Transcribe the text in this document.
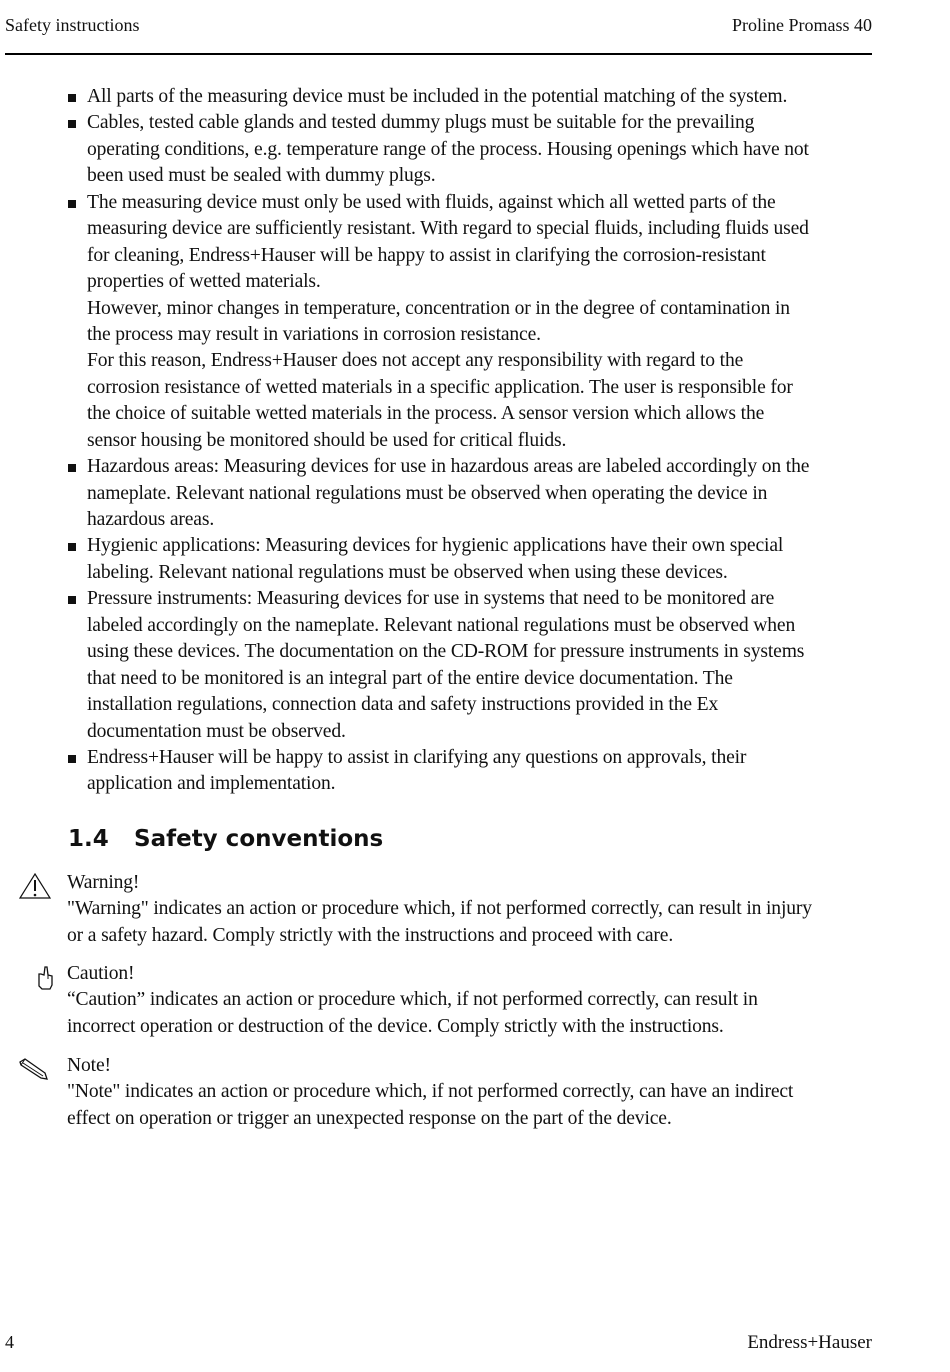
Safety instructions	Proline Promass 40
All parts of the measuring device must be included in the potential matching of the system.
Cables, tested cable glands and tested dummy plugs must be suitable for the prevailing
operating conditions, e.g. temperature range of the process. Housing openings which have not
been used must be sealed with dummy plugs.
The measuring device must only be used with fluids, against which all wetted parts of the
measuring device are sufficiently resistant. With regard to special fluids, including fluids used
for cleaning, Endress+Hauser will be happy to assist in clarifying the corrosion-resistant
properties of wetted materials.
However, minor changes in temperature, concentration or in the degree of contamination in
the process may result in variations in corrosion resistance.
For this reason, Endress+Hauser does not accept any responsibility with regard to the
corrosion resistance of wetted materials in a specific application. The user is responsible for
the choice of suitable wetted materials in the process. A sensor version which allows the
sensor housing be monitored should be used for critical fluids.
Hazardous areas: Measuring devices for use in hazardous areas are labeled accordingly on the
nameplate. Relevant national regulations must be observed when operating the device in
hazardous areas.
Hygienic applications: Measuring devices for hygienic applications have their own special
labeling. Relevant national regulations must be observed when using these devices.
Pressure instruments: Measuring devices for use in systems that need to be monitored are
labeled accordingly on the nameplate. Relevant national regulations must be observed when
using these devices. The documentation on the CD-ROM for pressure instruments in systems
that need to be monitored is an integral part of the entire device documentation. The
installation regulations, connection data and safety instructions provided in the Ex
documentation must be observed.
Endress+Hauser will be happy to assist in clarifying any questions on approvals, their
application and implementation.
1.4 Safety conventions
Warning!
"Warning" indicates an action or procedure which, if not performed correctly, can result in injury
or a safety hazard. Comply strictly with the instructions and proceed with care.
Caution!
“Caution” indicates an action or procedure which, if not performed correctly, can result in
incorrect operation or destruction of the device. Comply strictly with the instructions.
Note!
"Note" indicates an action or procedure which, if not performed correctly, can have an indirect
effect on operation or trigger an unexpected response on the part of the device.
4	Endress+Hauser
